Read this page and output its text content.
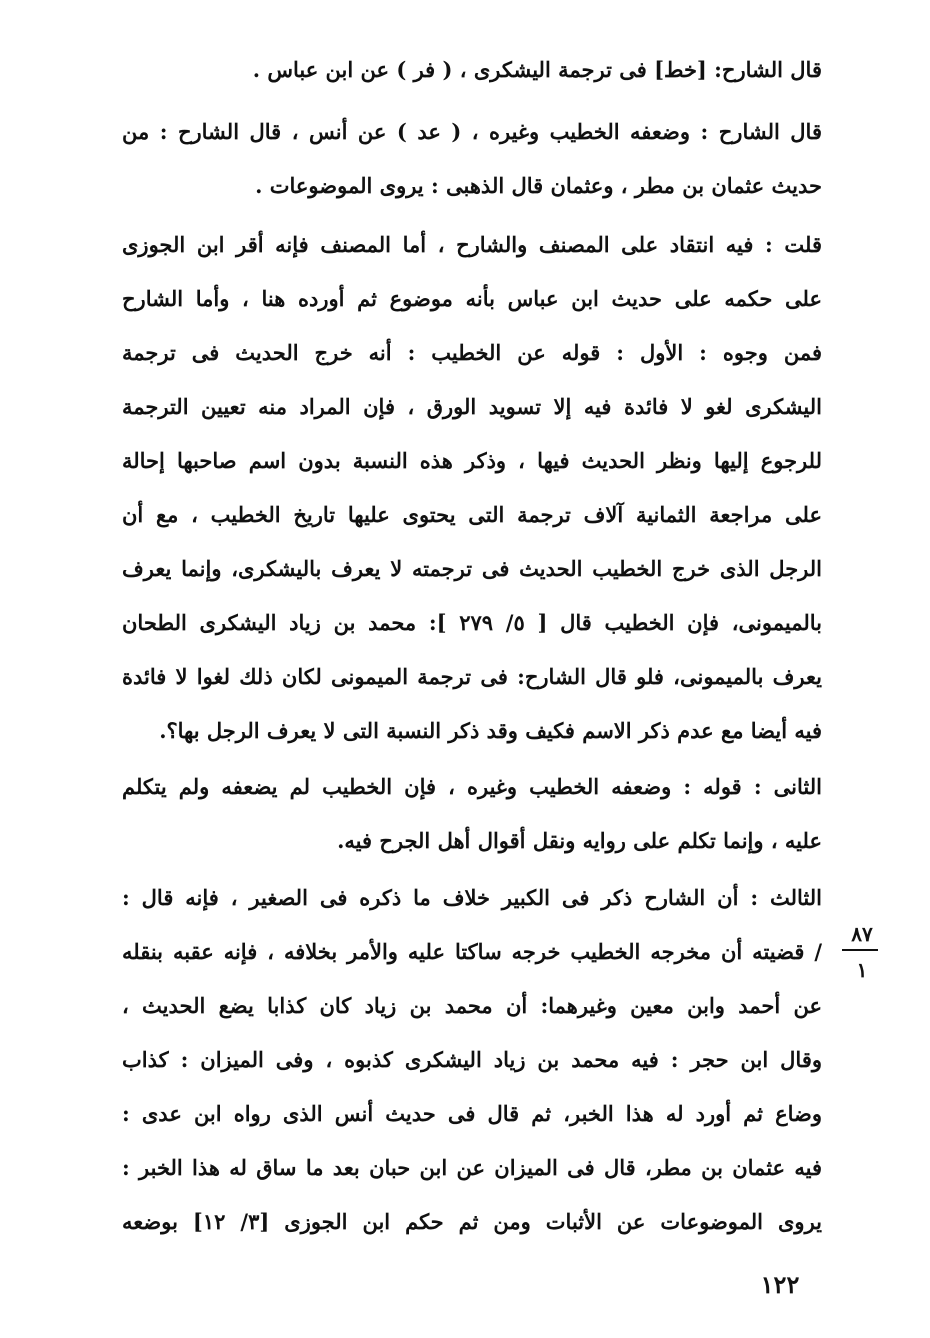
قال الشارح: [خط] فى ترجمة اليشكرى ، ( فر ) عن ابن عباس .
قال الشارح : وضعفه الخطيب وغيره ، ( عد ) عن أنس ، قال الشارح : من
حديث عثمان بن مطر ، وعثمان قال الذهبى : يروى الموضوعات .
قلت : فيه انتقاد على المصنف والشارح ، أما المصنف فإنه أقر ابن الجوزى
على حكمه على حديث ابن عباس بأنه موضوع ثم أورده هنا ، وأما الشارح
فمن وجوه : الأول : قوله عن الخطيب : أنه خرج الحديث فى ترجمة
اليشكرى لغو لا فائدة فيه إلا تسويد الورق ، فإن المراد منه تعيين الترجمة
للرجوع إليها ونظر الحديث فيها ، وذكر هذه النسبة بدون اسم صاحبها إحالة
على مراجعة الثمانية آلاف ترجمة التى يحتوى عليها تاريخ الخطيب ، مع أن
الرجل الذى خرج الخطيب الحديث فى ترجمته لا يعرف باليشكرى، وإنما يعرف
بالميمونى، فإن الخطيب قال [ ٥/ ٢٧٩ ]: محمد بن زياد اليشكرى الطحان
يعرف بالميمونى، فلو قال الشارح: فى ترجمة الميمونى لكان ذلك لغوا لا فائدة
فيه أيضا مع عدم ذكر الاسم فكيف وقد ذكر النسبة التى لا يعرف الرجل بها؟.
الثانى : قوله : وضعفه الخطيب وغيره ، فإن الخطيب لم يضعفه ولم يتكلم
عليه ، وإنما تكلم على روايه ونقل أقوال أهل الجرح فيه.
الثالث : أن الشارح ذكر فى الكبير خلاف ما ذكره فى الصغير ، فإنه قال :
/ قضيته أن مخرجه الخطيب خرجه ساكتا عليه والأمر بخلافه ، فإنه عقبه بنقله
عن أحمد وابن معين وغيرهما: أن محمد بن زياد كان كذابا يضع الحديث ،
وقال ابن حجر : فيه محمد بن زياد اليشكرى كذبوه ، وفى الميزان : كذاب
وضاع ثم أورد له هذا الخبر، ثم قال فى حديث أنس الذى رواه ابن عدى :
فيه عثمان بن مطر، قال فى الميزان عن ابن حبان بعد ما ساق له هذا الخبر :
يروى الموضوعات عن الأثبات ومن ثم حكم ابن الجوزى [٣/ ١٢] بوضعه
٨٧
١
١٢٢
